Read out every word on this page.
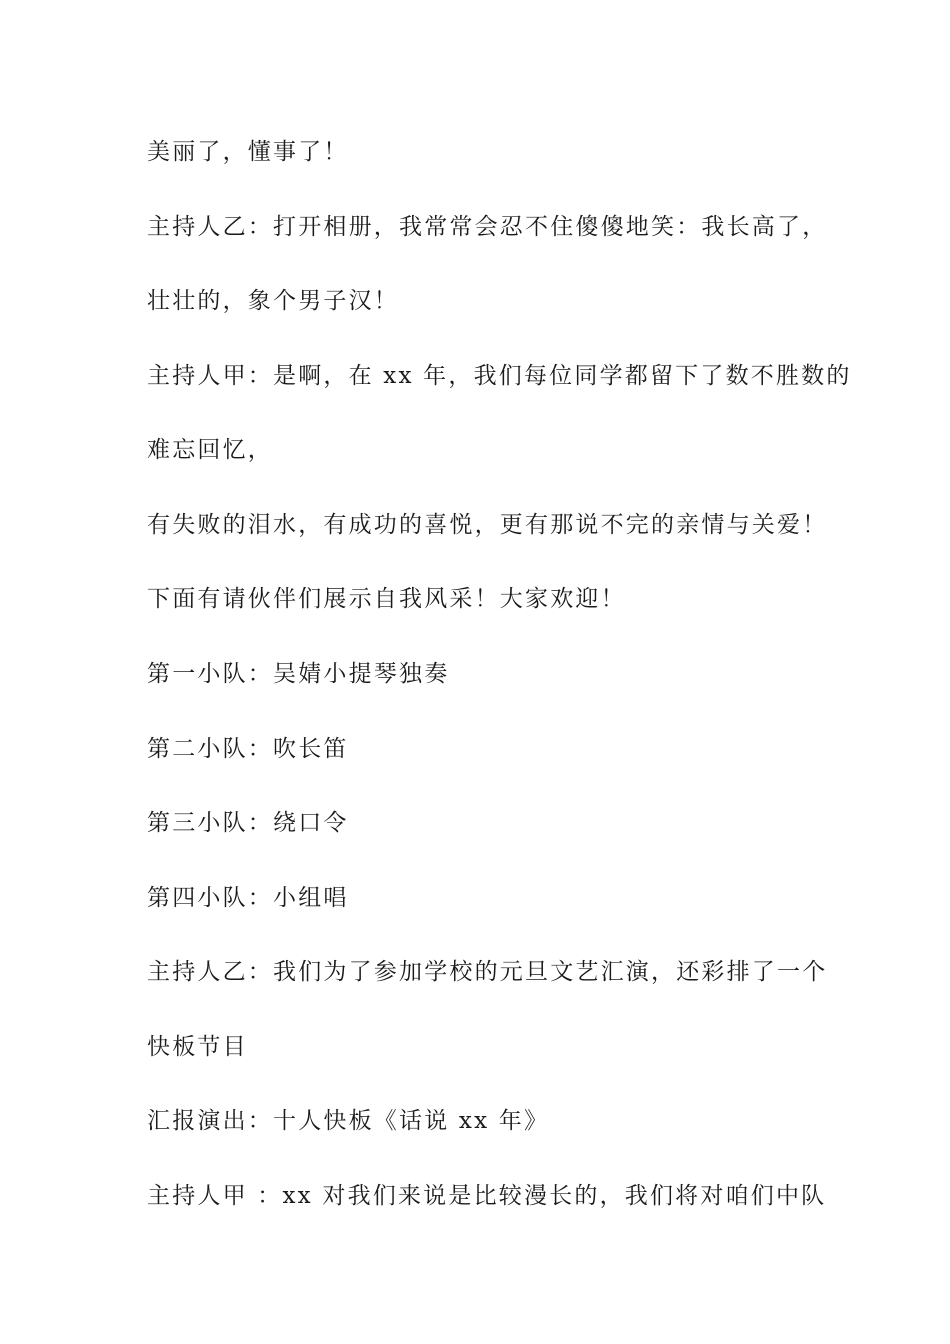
美丽了，懂事了！
主持人乙：打开相册，我常常会忍不住傻傻地笑：我长高了，
壮壮的，象个男子汉！
主持人甲：是啊，在 xx 年，我们每位同学都留下了数不胜数的
难忘回忆，
有失败的泪水，有成功的喜悦，更有那说不完的亲情与关爱！
下面有请伙伴们展示自我风采！大家欢迎！
第一小队：吴婧小提琴独奏
第二小队：吹长笛
第三小队：绕口令
第四小队：小组唱
主持人乙：我们为了参加学校的元旦文艺汇演，还彩排了一个
快板节目
汇报演出：十人快板《话说 xx 年》
主持人甲 ：xx 对我们来说是比较漫长的，我们将对咱们中队
